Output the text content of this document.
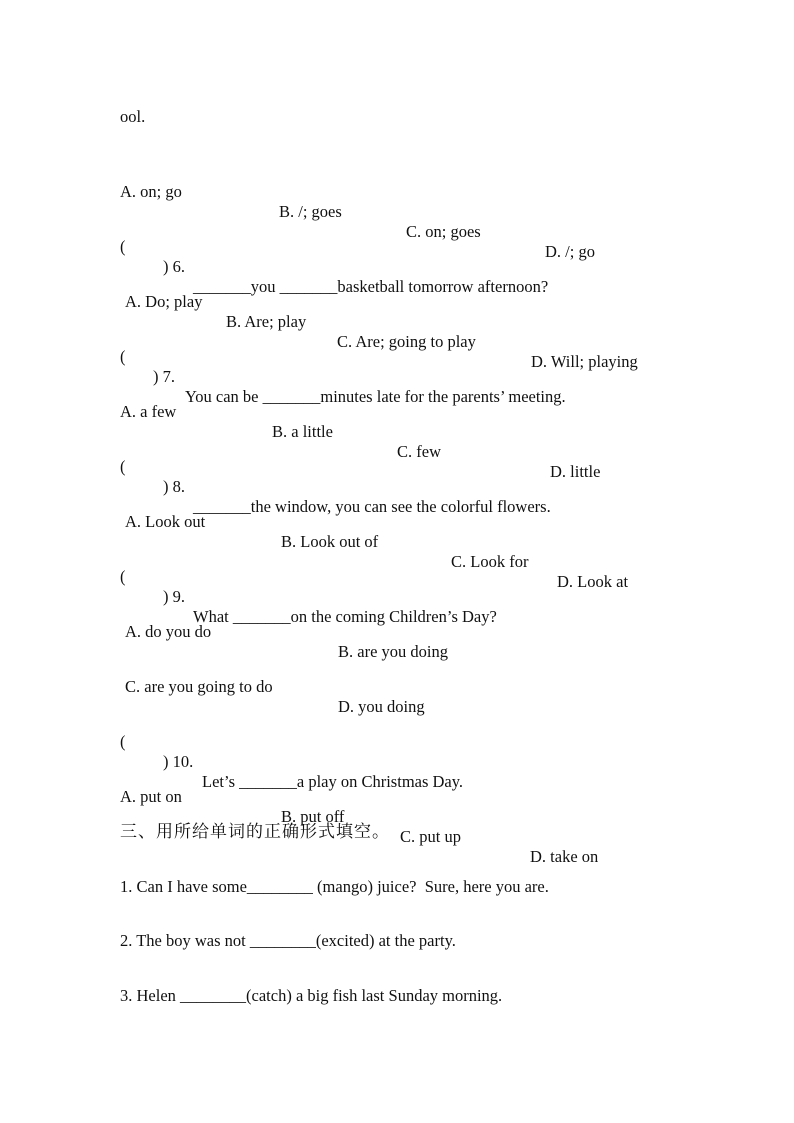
ool.

A. on; go

B. /; goes

C. on; goes

D. /; go

(

) 6.

_______you _______basketball tomorrow afternoon?

A. Do; play

B. Are; play

C. Are; going to play

D. Will; playing

(

) 7.

You can be _______minutes late for the parents’ meeting.

A. a few

B. a little

C. few

D. little

(

) 8.

_______the window, you can see the colorful flowers.

A. Look out

B. Look out of

C. Look for

D. Look at

(

) 9.

What _______on the coming Children’s Day?

A. do you do

B. are you doing

C. are you going to do

D. you doing

(

) 10.

Let’s _______a play on Christmas Day.

A. put on

B. put off

C. put up

D. take on

三、用所给单词的正确形式填空。
1. Can I have some________ (mango) juice?  Sure, here you are.
2. The boy was not ________(excited) at the party.
3. Helen ________(catch) a big fish last Sunday morning.
